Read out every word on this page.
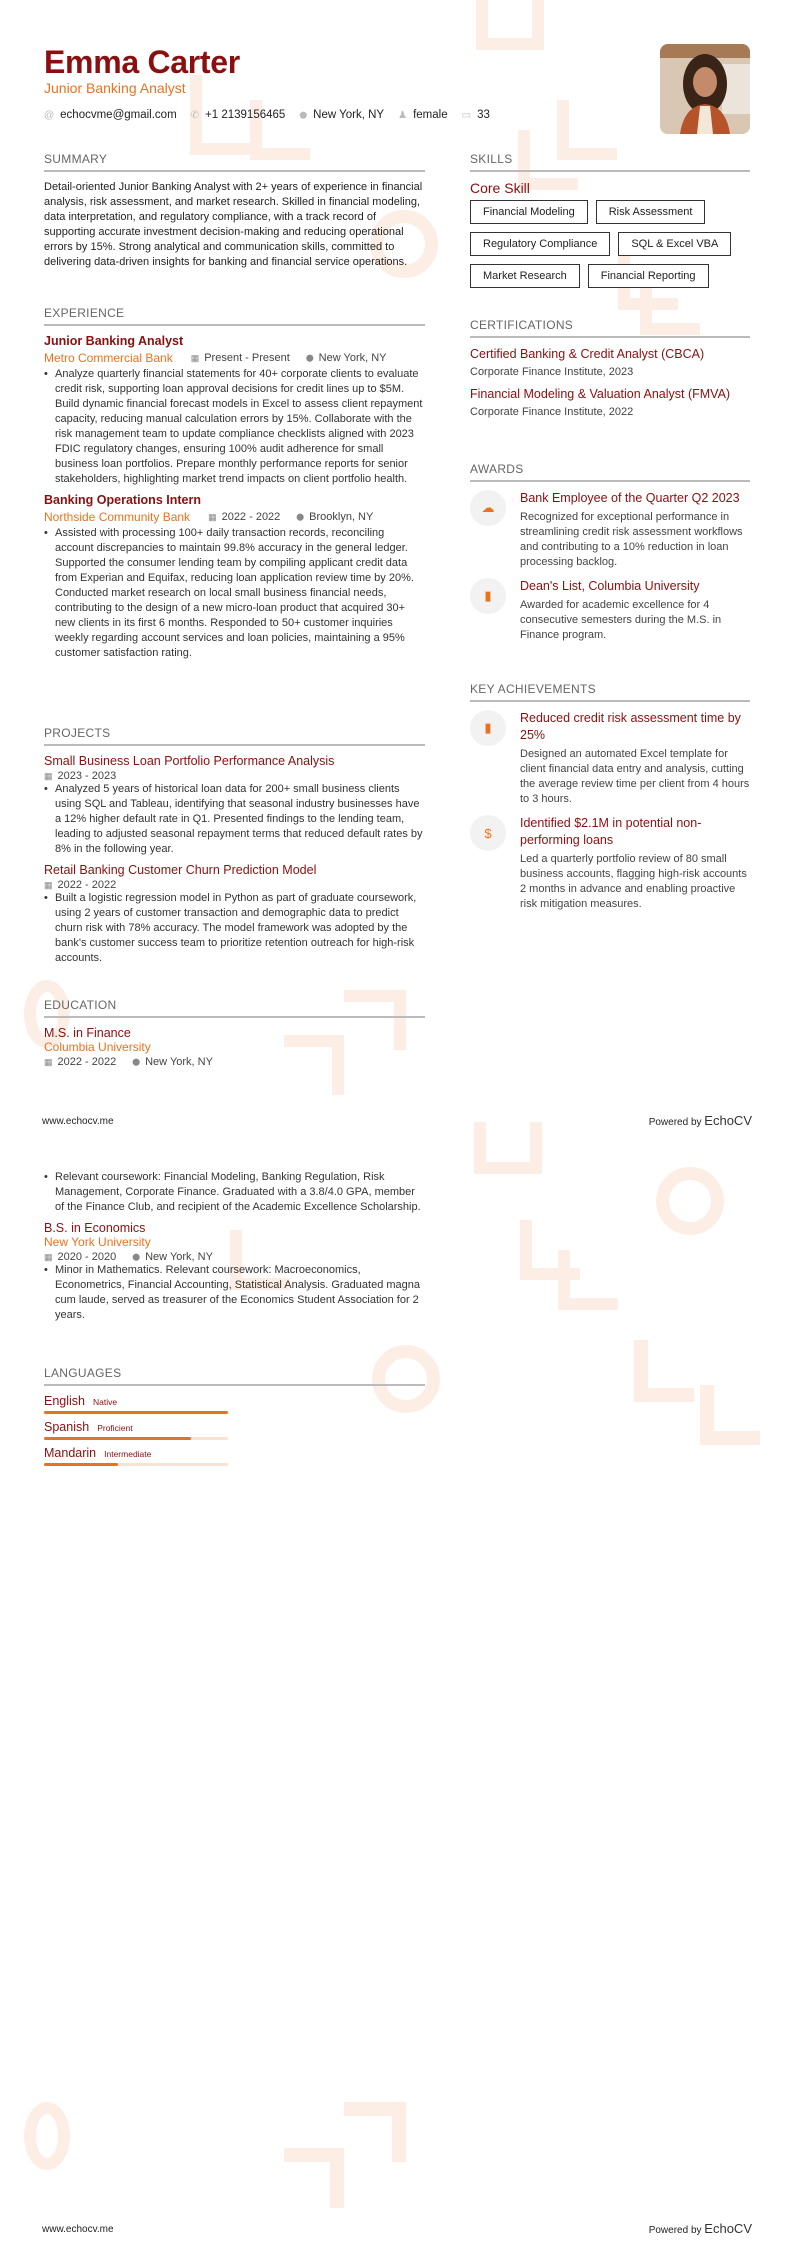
Emma Carter
Junior Banking Analyst
@ echocvme@gmail.com ✆ +1 2139156465 ⬤ New York, NY ♟ female ▭ 33
SUMMARY
Detail-oriented Junior Banking Analyst with 2+ years of experience in financial analysis, risk assessment, and market research. Skilled in financial modeling, data interpretation, and regulatory compliance, with a track record of supporting accurate investment decision-making and reducing operational errors by 15%. Strong analytical and communication skills, committed to delivering data-driven insights for banking and financial service operations.
EXPERIENCE
Junior Banking Analyst
Metro Commercial Bank ▦ Present - Present ⬤ New York, NY
• Analyze quarterly financial statements for 40+ corporate clients to evaluate credit risk, supporting loan approval decisions for credit lines up to $5M. Build dynamic financial forecast models in Excel to assess client repayment capacity, reducing manual calculation errors by 15%. Collaborate with the risk management team to update compliance checklists aligned with 2023 FDIC regulatory changes, ensuring 100% audit adherence for small business loan portfolios. Prepare monthly performance reports for senior stakeholders, highlighting market trend impacts on client portfolio health.
Banking Operations Intern
Northside Community Bank ▦ 2022 - 2022 ⬤ Brooklyn, NY
• Assisted with processing 100+ daily transaction records, reconciling account discrepancies to maintain 99.8% accuracy in the general ledger. Supported the consumer lending team by compiling applicant credit data from Experian and Equifax, reducing loan application review time by 20%. Conducted market research on local small business financial needs, contributing to the design of a new micro-loan product that acquired 30+ new clients in its first 6 months. Responded to 50+ customer inquiries weekly regarding account services and loan policies, maintaining a 95% customer satisfaction rating.
PROJECTS
Small Business Loan Portfolio Performance Analysis
▦ 2023 - 2023
• Analyzed 5 years of historical loan data for 200+ small business clients using SQL and Tableau, identifying that seasonal industry businesses have a 12% higher default rate in Q1. Presented findings to the lending team, leading to adjusted seasonal repayment terms that reduced default rates by 8% in the following year.
Retail Banking Customer Churn Prediction Model
▦ 2022 - 2022
• Built a logistic regression model in Python as part of graduate coursework, using 2 years of customer transaction and demographic data to predict churn risk with 78% accuracy. The model framework was adopted by the bank's customer success team to prioritize retention outreach for high-risk accounts.
EDUCATION
M.S. in Finance
Columbia University
▦ 2022 - 2022 ⬤ New York, NY
SKILLS
Core Skill
Financial Modeling	Risk Assessment
Regulatory Compliance	SQL & Excel VBA
Market Research	Financial Reporting
CERTIFICATIONS
Certified Banking & Credit Analyst (CBCA)
Corporate Finance Institute, 2023
Financial Modeling & Valuation Analyst (FMVA)
Corporate Finance Institute, 2022
AWARDS
☁
Bank Employee of the Quarter Q2 2023
Recognized for exceptional performance in streamlining credit risk assessment workflows and contributing to a 10% reduction in loan processing backlog.
▮
Dean's List, Columbia University
Awarded for academic excellence for 4 consecutive semesters during the M.S. in Finance program.
KEY ACHIEVEMENTS
▮
Reduced credit risk assessment time by 25%
Designed an automated Excel template for client financial data entry and analysis, cutting the average review time per client from 4 hours to 3 hours.
$
Identified $2.1M in potential non-performing loans
Led a quarterly portfolio review of 80 small business accounts, flagging high-risk accounts 2 months in advance and enabling proactive risk mitigation measures.
www.echocv.me	Powered by EchoCV
• Relevant coursework: Financial Modeling, Banking Regulation, Risk Management, Corporate Finance. Graduated with a 3.8/4.0 GPA, member of the Finance Club, and recipient of the Academic Excellence Scholarship.
B.S. in Economics
New York University
▦ 2020 - 2020 ⬤ New York, NY
• Minor in Mathematics. Relevant coursework: Macroeconomics, Econometrics, Financial Accounting, Statistical Analysis. Graduated magna cum laude, served as treasurer of the Economics Student Association for 2 years.
LANGUAGES
English Native
Spanish Proficient
Mandarin Intermediate
www.echocv.me	Powered by EchoCV
